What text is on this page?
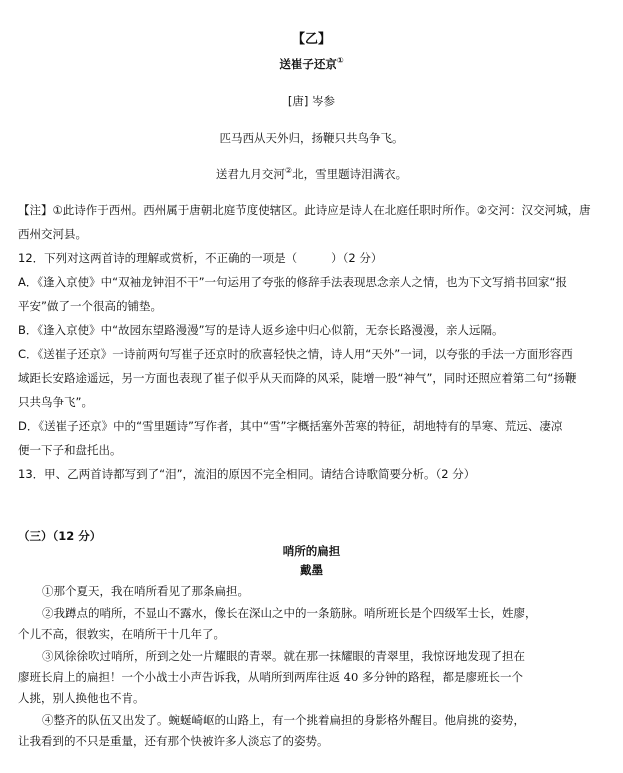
【乙】
送崔子还京①
[唐] 岑参
匹马西从天外归，扬鞭只共鸟争飞。
送君九月交河②北，雪里题诗泪满衣。
【注】①此诗作于西州。西州属于唐朝北庭节度使辖区。此诗应是诗人在北庭任职时所作。②交河：汉交河城，唐
西州交河县。
12．下列对这两首诗的理解或赏析，不正确的一项是（	）（2 分）
A．《逢入京使》中“双袖龙钟泪不干”一句运用了夸张的修辞手法表现思念亲人之情，也为下文写捎书回家“报
平安”做了一个很高的铺垫。
B．《逢入京使》中“故园东望路漫漫”写的是诗人返乡途中归心似箭，无奈长路漫漫，亲人远隔。
C．《送崔子还京》一诗前两句写崔子还京时的欣喜轻快之情，诗人用“天外”一词，以夸张的手法一方面形容西
域距长安路途遥远，另一方面也表现了崔子似乎从天而降的风采，陡增一股“神气”，同时还照应着第二句“扬鞭
只共鸟争飞”。
D．《送崔子还京》中的“雪里题诗”写作者，其中“雪”字概括塞外苦寒的特征，胡地特有的旱寒、荒远、凄凉
便一下子和盘托出。
13．甲、乙两首诗都写到了“泪”，流泪的原因不完全相同。请结合诗歌简要分析。（2 分）
（三）（12 分）
哨所的扁担
戴墨
①那个夏天，我在哨所看见了那条扁担。
②我蹲点的哨所，不显山不露水，像长在深山之中的一条筋脉。哨所班长是个四级军士长，姓廖，
个儿不高，很敦实，在哨所干十几年了。
③风徐徐吹过哨所，所到之处一片耀眼的青翠。就在那一抹耀眼的青翠里，我惊讶地发现了担在
廖班长肩上的扁担！一个小战士小声告诉我，从哨所到两库往返 40 多分钟的路程，都是廖班长一个
人挑，别人换他也不肯。
④整齐的队伍又出发了。蜿蜒崎岖的山路上，有一个挑着扁担的身影格外醒目。他肩挑的姿势，
让我看到的不只是重量，还有那个快被许多人淡忘了的姿势。
